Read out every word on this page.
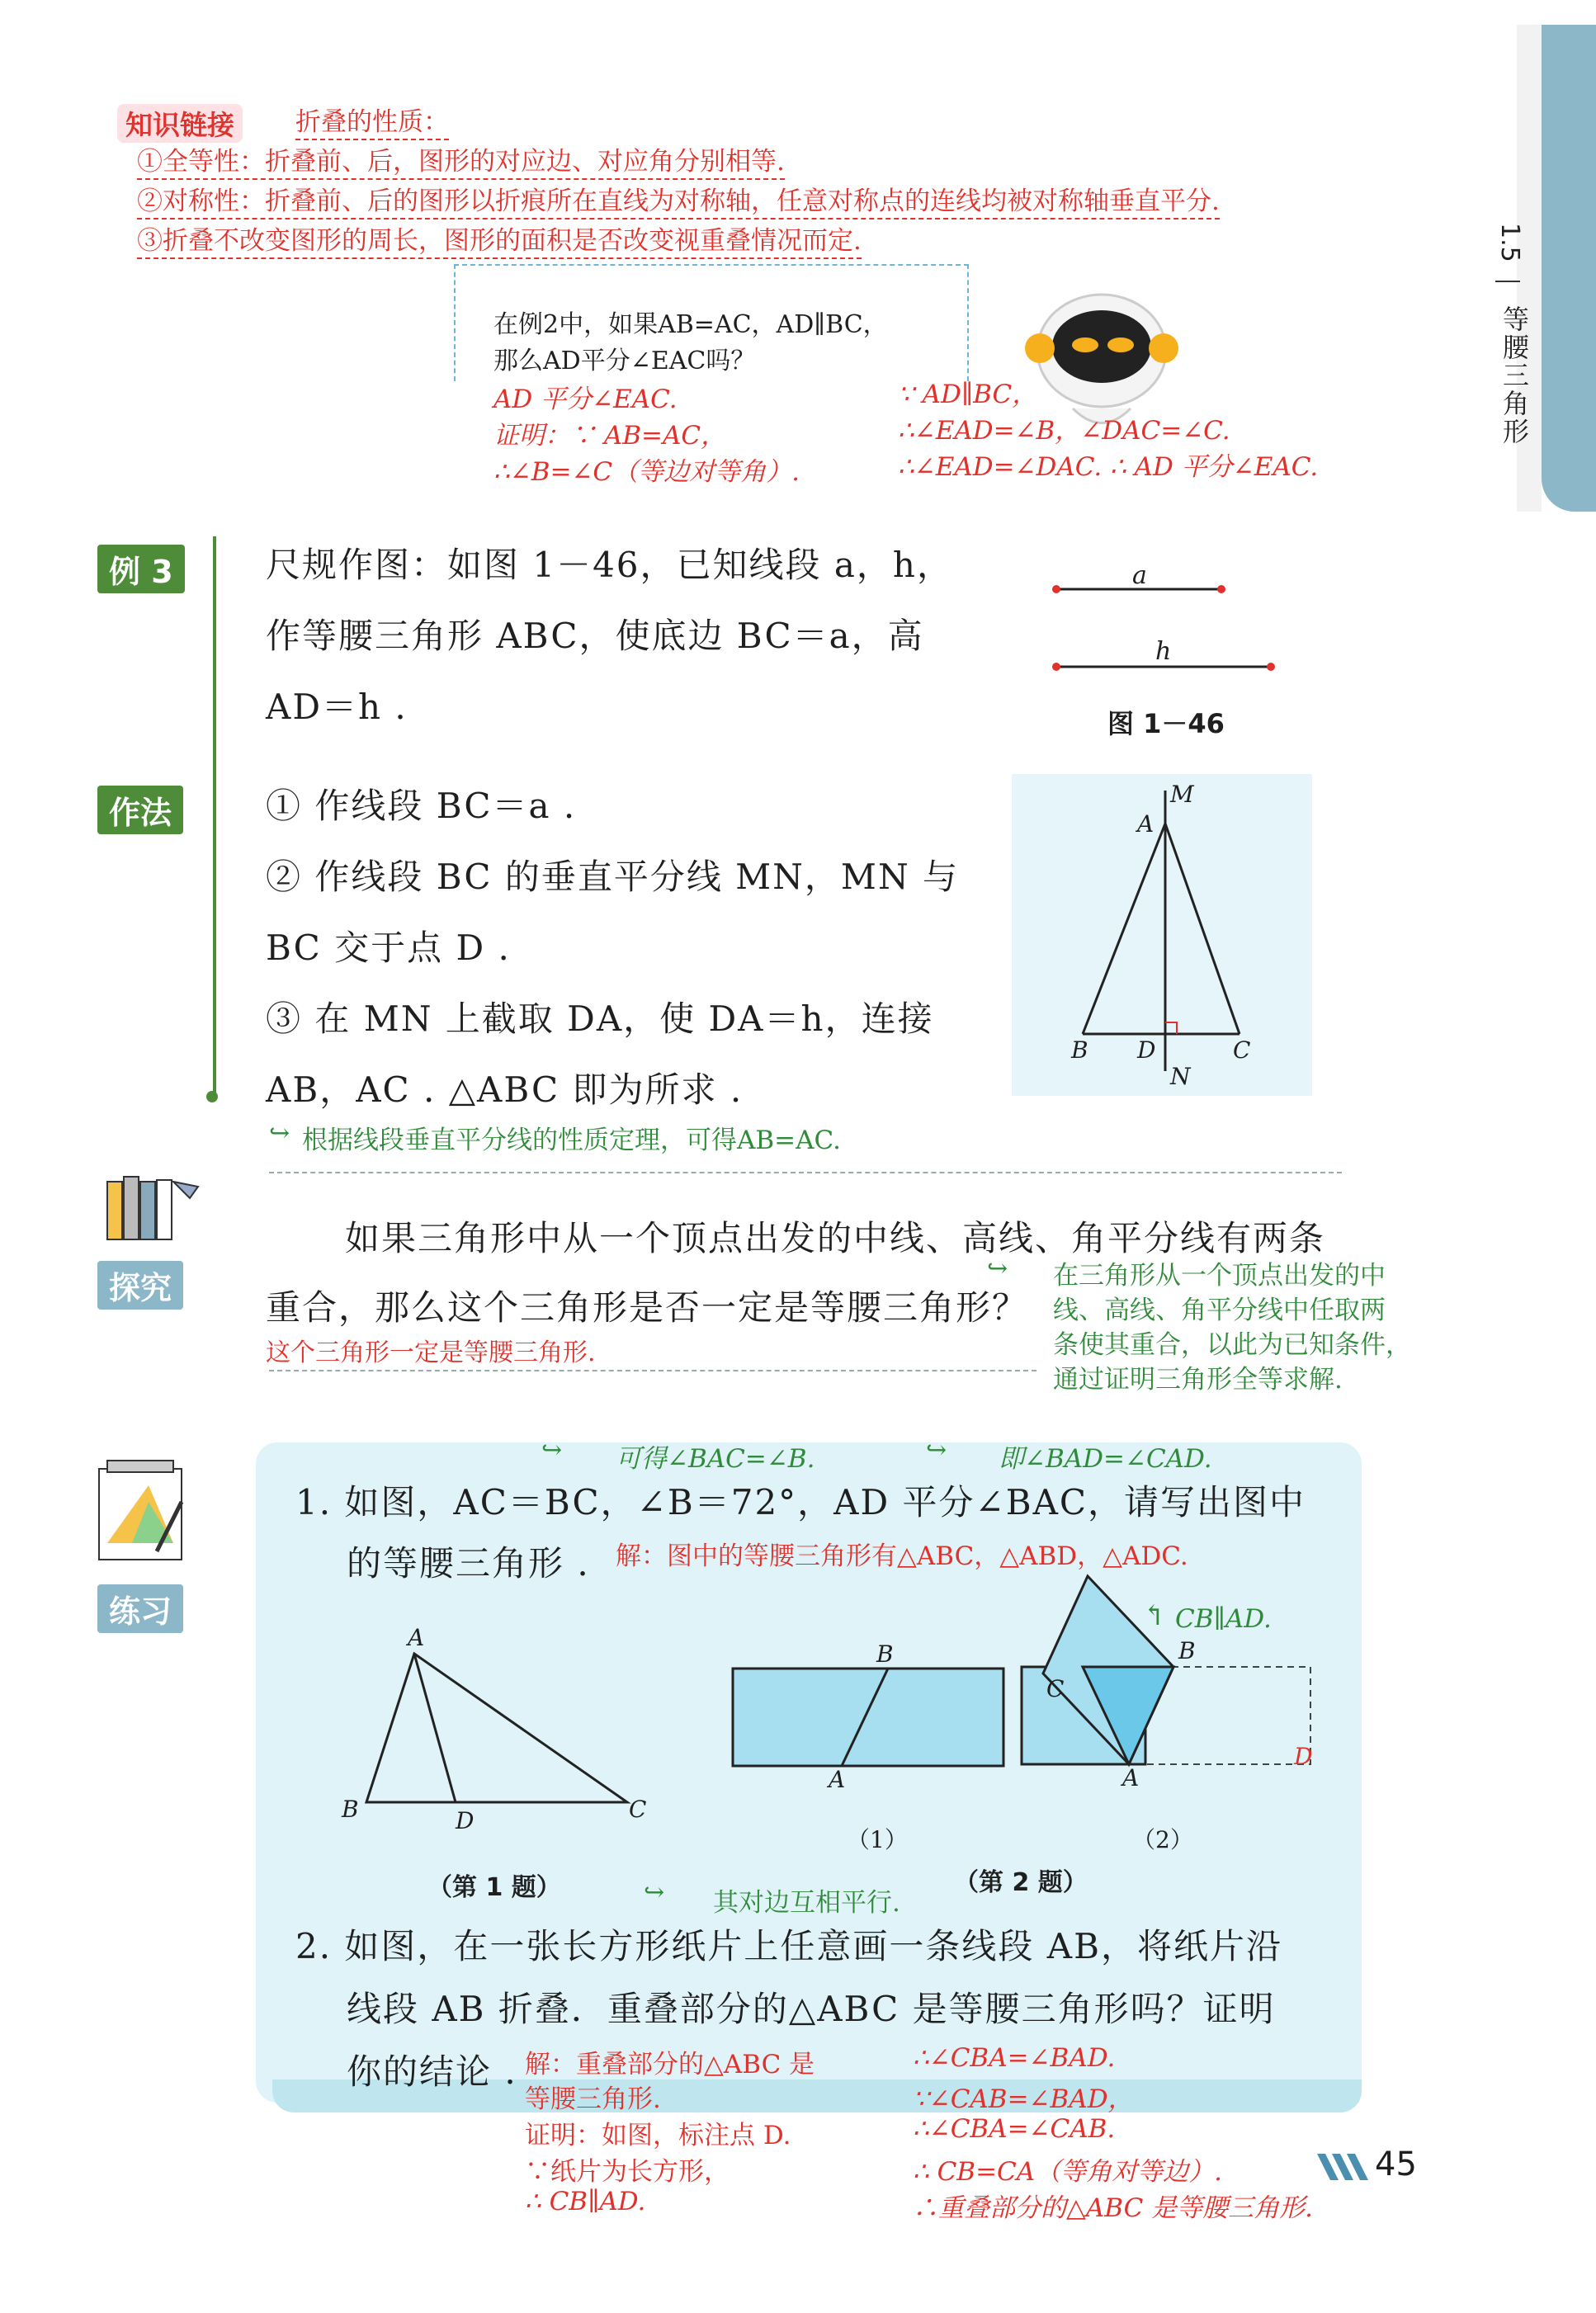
1.5
等腰三角形
知识链接	折叠的性质：
①全等性：折叠前、后，图形的对应边、对应角分别相等.
②对称性：折叠前、后的图形以折痕所在直线为对称轴，任意对称点的连线均被对称轴垂直平分.
③折叠不改变图形的周长，图形的面积是否改变视重叠情况而定.
在例2中，如果AB=AC，AD∥BC，
那么AD平分∠EAC吗？
AD 平分∠EAC.
证明：∵ AB=AC，
∴∠B=∠C（等边对等角）.
∵ AD∥BC，
∴∠EAD=∠B，∠DAC=∠C.
∴∠EAD=∠DAC. ∴ AD 平分∠EAC.
例 3	尺规作图：如图 1－46，已知线段 a，h，
作等腰三角形 ABC，使底边 BC＝a，高
AD＝h .
a
h
图 1－46
作法	① 作线段 BC＝a .
② 作线段 BC 的垂直平分线 MN，MN 与
BC 交于点 D .
③ 在 MN 上截取 DA，使 DA＝h，连接
AB，AC . △ABC 即为所求 .
↪ 根据线段垂直平分线的性质定理，可得AB=AC.
M
A
B D	C
N
探究
如果三角形中从一个顶点出发的中线、高线、角平分线有两条
重合，那么这个三角形是否一定是等腰三角形？
这个三角形一定是等腰三角形.
↪ 在三角形从一个顶点出发的中
线、高线、角平分线中任取两
条使其重合，以此为已知条件，
通过证明三角形全等求解.
练习
↪ 可得∠BAC=∠B.	↪ 即∠BAD=∠CAD.
1. 如图，AC＝BC，∠B＝72°，AD 平分∠BAC，请写出图中
的等腰三角形 . 解：图中的等腰三角形有△ABC，△ABD，△ADC.
A
B	D	C
（第 1 题）
B
A
（1）
↰ CB∥AD.
B
C
A
D
（2）
（第 2 题）
↪ 其对边互相平行.
2. 如图，在一张长方形纸片上任意画一条线段 AB，将纸片沿
线段 AB 折叠．重叠部分的△ABC 是等腰三角形吗？证明
你的结论 . 解：重叠部分的△ABC 是
等腰三角形.
证明：如图，标注点 D.
∵纸片为长方形，
∴ CB∥AD.
∴∠CBA=∠BAD.
∵∠CAB=∠BAD，
∴∠CBA=∠CAB.
∴ CB=CA（等角对等边）.
∴重叠部分的△ABC 是等腰三角形.
45
